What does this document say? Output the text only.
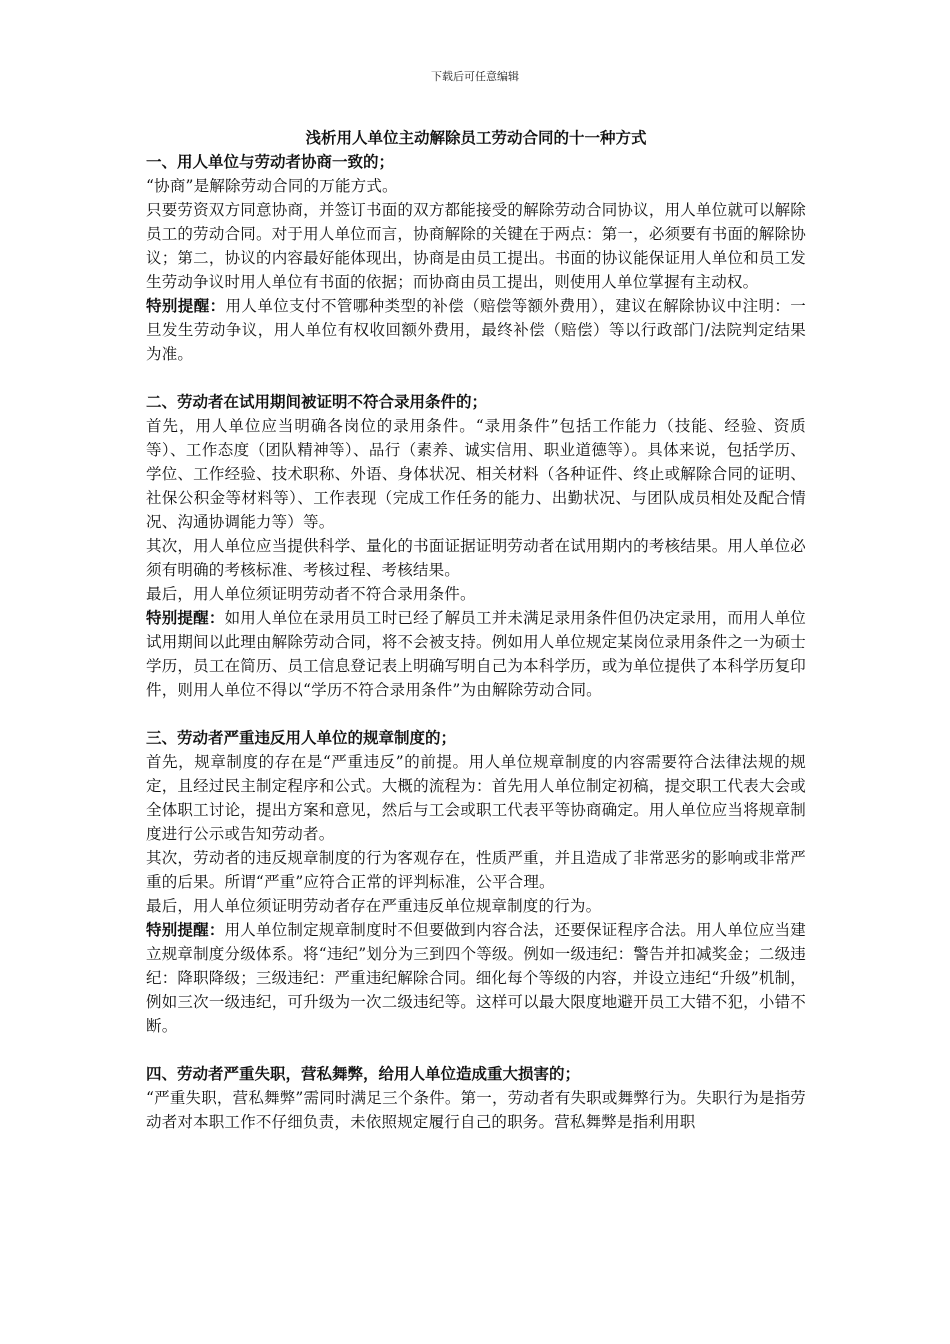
下载后可任意编辑

浅析用人单位主动解除员工劳动合同的十一种方式

一、用人单位与劳动者协商一致的；

“协商”是解除劳动合同的万能方式。

只要劳资双方同意协商，并签订书面的双方都能接受的解除劳动合同协议，用人单位就可以解除员工的劳动合同。对于用人单位而言，协商解除的关键在于两点：第一，必须要有书面的解除协议；第二，协议的内容最好能体现出，协商是由员工提出。书面的协议能保证用人单位和员工发生劳动争议时用人单位有书面的依据；而协商由员工提出，则使用人单位掌握有主动权。

特别提醒：用人单位支付不管哪种类型的补偿（赔偿等额外费用），建议在解除协议中注明：一旦发生劳动争议，用人单位有权收回额外费用，最终补偿（赔偿）等以行政部门/法院判定结果为准。

二、劳动者在试用期间被证明不符合录用条件的；

首先，用人单位应当明确各岗位的录用条件。“录用条件”包括工作能力（技能、经验、资质等）、工作态度（团队精神等）、品行（素养、诚实信用、职业道德等）。具体来说，包括学历、学位、工作经验、技术职称、外语、身体状况、相关材料（各种证件、终止或解除合同的证明、社保公积金等材料等）、工作表现（完成工作任务的能力、出勤状况、与团队成员相处及配合情况、沟通协调能力等）等。

其次，用人单位应当提供科学、量化的书面证据证明劳动者在试用期内的考核结果。用人单位必须有明确的考核标准、考核过程、考核结果。

最后，用人单位须证明劳动者不符合录用条件。

特别提醒：如用人单位在录用员工时已经了解员工并未满足录用条件但仍决定录用，而用人单位试用期间以此理由解除劳动合同，将不会被支持。例如用人单位规定某岗位录用条件之一为硕士学历，员工在简历、员工信息登记表上明确写明自己为本科学历，或为单位提供了本科学历复印件，则用人单位不得以“学历不符合录用条件”为由解除劳动合同。

三、劳动者严重违反用人单位的规章制度的；

首先，规章制度的存在是“严重违反”的前提。用人单位规章制度的内容需要符合法律法规的规定，且经过民主制定程序和公式。大概的流程为：首先用人单位制定初稿，提交职工代表大会或全体职工讨论，提出方案和意见，然后与工会或职工代表平等协商确定。用人单位应当将规章制度进行公示或告知劳动者。

其次，劳动者的违反规章制度的行为客观存在，性质严重，并且造成了非常恶劣的影响或非常严重的后果。所谓“严重”应符合正常的评判标准，公平合理。

最后，用人单位须证明劳动者存在严重违反单位规章制度的行为。

特别提醒：用人单位制定规章制度时不但要做到内容合法，还要保证程序合法。用人单位应当建立规章制度分级体系。将“违纪”划分为三到四个等级。例如一级违纪：警告并扣减奖金；二级违纪：降职降级；三级违纪：严重违纪解除合同。细化每个等级的内容，并设立违纪“升级”机制，例如三次一级违纪，可升级为一次二级违纪等。这样可以最大限度地避开员工大错不犯，小错不断。

四、劳动者严重失职，营私舞弊，给用人单位造成重大损害的；

“严重失职，营私舞弊”需同时满足三个条件。第一，劳动者有失职或舞弊行为。失职行为是指劳动者对本职工作不仔细负责，未依照规定履行自己的职务。营私舞弊是指利用职
